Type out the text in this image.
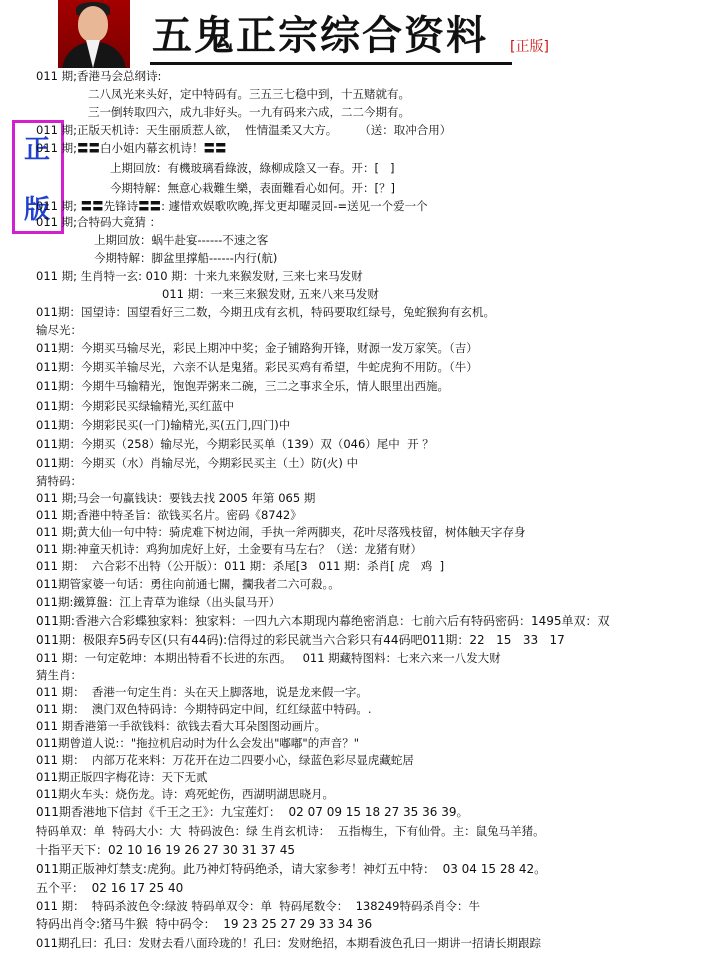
五鬼正宗综合资料 [正版]
正
版
011 期;香港马会总纲诗:
二八凤光来头好，定中特码有。三五三七稳中到，十五赌就有。
三一倒转取四六，成九非好头。一九有码来六成，二二今期有。
011 期;正版天机诗：天生丽质惹人欲，  性情温柔又大方。      （送：取冲合用）
011 期;〓〓白小姐内幕玄机诗！〓〓
上期回放：有機玻璃看綠波，綠柳成陰又一春。开：[   ]
今期特解：無意心栽難生樂，表面難看心如何。开：[？]
011 期; 〓〓先锋诗〓〓: 遽惜欢娱歌吹晚,挥戈更却曜灵回-=送见一个爱一个
011 期;合特码大竟猜 ：
上期回放：蜗牛赴宴------不速之客
今期特解：脚盆里撑船------内行(航)
011 期; 生肖特一玄: 010 期：十来九来猴发财, 三来七来马发财
011 期：一来三来猴发财, 五来八来马发财
011期：国望诗：国望看好三二数，今期丑戌有玄机，特码要取红绿号，兔蛇猴狗有玄机。
输尽光：
011期：今期买马输尽光，彩民上期冲中奖；金子铺路狗开锋，财源一发万家笑。（吉）
011期：今期买羊输尽光，六亲不认是鬼猪。彩民买鸡有希望，牛蛇虎狗不用防。（牛）
011期：今期牛马输精光，饱饱弄粥来二碗，三二之事求全乐，情人眼里出西施。
011期：今期彩民买绿输精光,买红蓝中
011期：今期彩民买(一门)输精光,买(五门,四门)中
011期：今期买（258）输尽光，今期彩民买单（139）双（046）尾中  开 ？
011期：今期买（水）肖输尽光，今期彩民买主（土）防(火) 中
猜特码：
011 期;马会一句赢钱诀：要钱去找 2005 年第 065 期
011 期;香港中特圣旨：欲钱买名片。密码《8742》
011 期;黄大仙一句中特：骑虎难下树边闹，手执一斧两脚夹，花叶尽落残枝留，树体触天字存身
011 期:神童天机诗：鸡狗加虎好上好，土金要有马左右？（送：龙猪有财）
011 期：  六合彩不出特（公开版）：011 期：杀尾[3   011 期：杀肖[ 虎   鸡  ]
011期管家婆一句话：勇往向前通七關，攔我者二六可殺。。
011期:鐵算盤：江上青草为谁绿（出头鼠马开）
011期:香港六合彩蝶独家料：独家料：一四九六本期现内幕绝密消息：七前六后有特码密码：1495单双：双
011期：极限弃5码专区(只有44码):信得过的彩民就当六合彩只有44码吧011期：22   15   33   17
011 期：一句定乾坤：本期出特看不长进的东西。   011 期藏特图料：七来六来一八发大财
猜生肖：
011 期：  香港一句定生肖：头在天上脚落地，说是龙来假一字。
011 期：  澳门双色特码诗：今期特码定中间，红红绿蓝中特码。.
011 期香港第一手欲钱料：欲钱去看大耳朵图图动画片。
011期曾道人说:："拖拉机启动时为什么会发出"嘟嘟"的声音？"
011 期：  内部万花来料：万花开在边二四要小心，绿蓝色彩尽显虎藏蛇居
011期正版四字梅花诗：天下无贰
011期火车头：烧伤龙。诗：鸡死蛇伤，西湖明湖思晓月。
011期香港地下信封《千王之王》：九宝莲灯：  02 07 09 15 18 27 35 36 39。
特码单双：单  特码大小：大  特码波色：绿 生肖玄机诗：  五指梅生，下有仙骨。主：鼠兔马羊猪。
十指平天下：02 10 16 19 26 27 30 31 37 45
011期正版神灯禁支:虎狗。此乃神灯特码绝杀，请大家参考！神灯五中特：  03 04 15 28 42。
五个平：  02 16 17 25 40
011 期：  特码杀波色令:绿波 特码单双令：单  特码尾数令：  138249特码杀肖令：牛
特码出肖令:猪马牛猴  特中码令：  19 23 25 27 29 33 34 36
011期孔曰：孔曰：发财去看八面玲珑的！孔曰：发财绝招，本期看波色孔曰一期讲一招请长期跟踪
